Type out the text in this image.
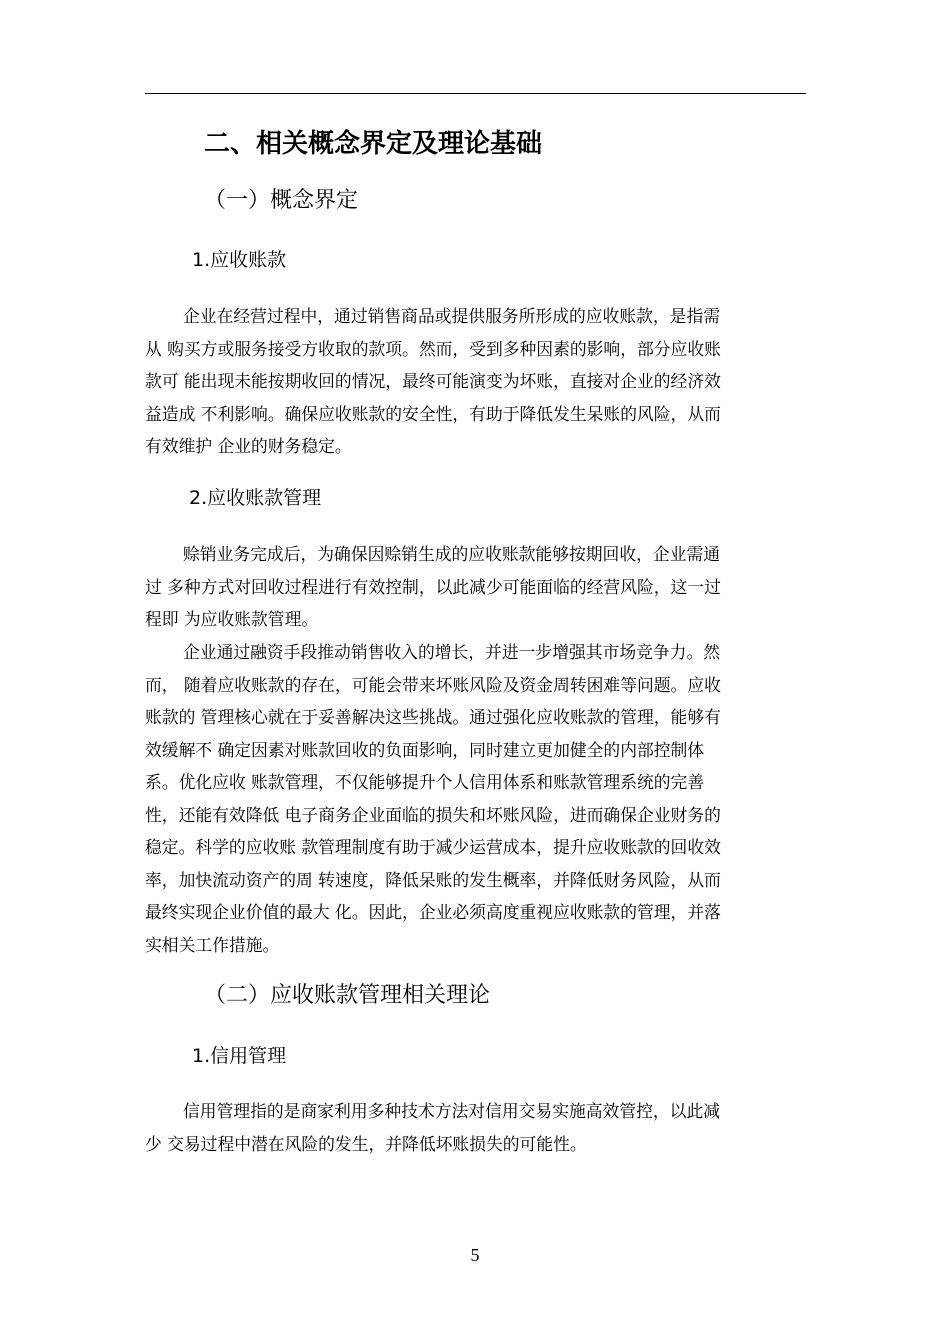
二、相关概念界定及理论基础
（一）概念界定
1.应收账款

企业在经营过程中，通过销售商品或提供服务所形成的应收账款，是指需
从 购买方或服务接受方收取的款项。然而，受到多种因素的影响，部分应收账
款可 能出现未能按期收回的情况，最终可能演变为坏账，直接对企业的经济效
益造成 不利影响。确保应收账款的安全性，有助于降低发生呆账的风险，从而
有效维护 企业的财务稳定。

2.应收账款管理

赊销业务完成后，为确保因赊销生成的应收账款能够按期回收，企业需通
过 多种方式对回收过程进行有效控制，以此减少可能面临的经营风险，这一过
程即 为应收账款管理。

企业通过融资手段推动销售收入的增长，并进一步增强其市场竞争力。然
而， 随着应收账款的存在，可能会带来坏账风险及资金周转困难等问题。应收
账款的 管理核心就在于妥善解决这些挑战。通过强化应收账款的管理，能够有
效缓解不 确定因素对账款回收的负面影响，同时建立更加健全的内部控制体
系。优化应收 账款管理，不仅能够提升个人信用体系和账款管理系统的完善
性，还能有效降低 电子商务企业面临的损失和坏账风险，进而确保企业财务的
稳定。科学的应收账 款管理制度有助于减少运营成本，提升应收账款的回收效
率，加快流动资产的周 转速度，降低呆账的发生概率，并降低财务风险，从而
最终实现企业价值的最大 化。因此，企业必须高度重视应收账款的管理，并落
实相关工作措施。

（二）应收账款管理相关理论
1.信用管理

信用管理指的是商家利用多种技术方法对信用交易实施高效管控，以此减
少 交易过程中潜在风险的发生，并降低坏账损失的可能性。

5
